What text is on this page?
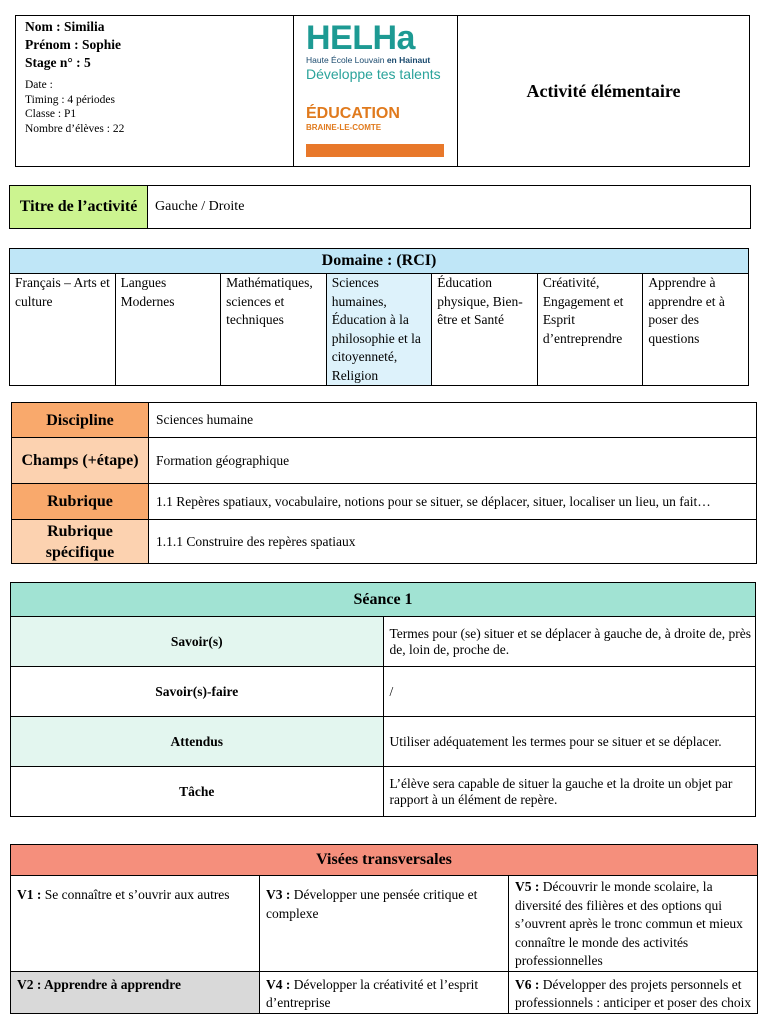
Nom : Similia
Prénom : Sophie
Stage n° : 5
Date :
Timing : 4 périodes
Classe : P1
Nombre d’élèves : 22

HELHa
Haute École Louvain en Hainaut
Développe tes talents
ÉDUCATION
BRAINE-LE-COMTE
	Activité élémentaire
Titre de l’activité	Gauche / Droite
Domaine : (RCI)
Français – Arts et culture	Langues Modernes	Mathématiques, sciences et techniques	Sciences humaines, Éducation à la philosophie et la citoyenneté, Religion	Éducation physique, Bien-être et Santé	Créativité, Engagement et Esprit d’entreprendre	Apprendre à apprendre et à poser des questions
Discipline	Sciences humaine
Champs (+étape)	Formation géographique
Rubrique	1.1 Repères spatiaux, vocabulaire, notions pour se situer, se déplacer, situer, localiser un lieu, un fait…
Rubrique spécifique	1.1.1 Construire des repères spatiaux
Séance 1	
Savoir(s)	Termes pour (se) situer et se déplacer à gauche de, à droite de, près de, loin de, proche de.
Savoir(s)-faire	/
Attendus	Utiliser adéquatement les termes pour se situer et se déplacer.
Tâche	L’élève sera capable de situer la gauche et la droite un objet par rapport à un élément de repère.
Visées transversales		
V1 : Se connaître et s’ouvrir aux autres	V3 : Développer une pensée critique et complexe	V5 : Découvrir le monde scolaire, la diversité des filières et des options qui s’ouvrent après le tronc commun et mieux connaître le monde des activités professionnelles
V2 : Apprendre à apprendre	V4 : Développer la créativité et l’esprit d’entreprise	V6 : Développer des projets personnels et professionnels : anticiper et poser des choix
